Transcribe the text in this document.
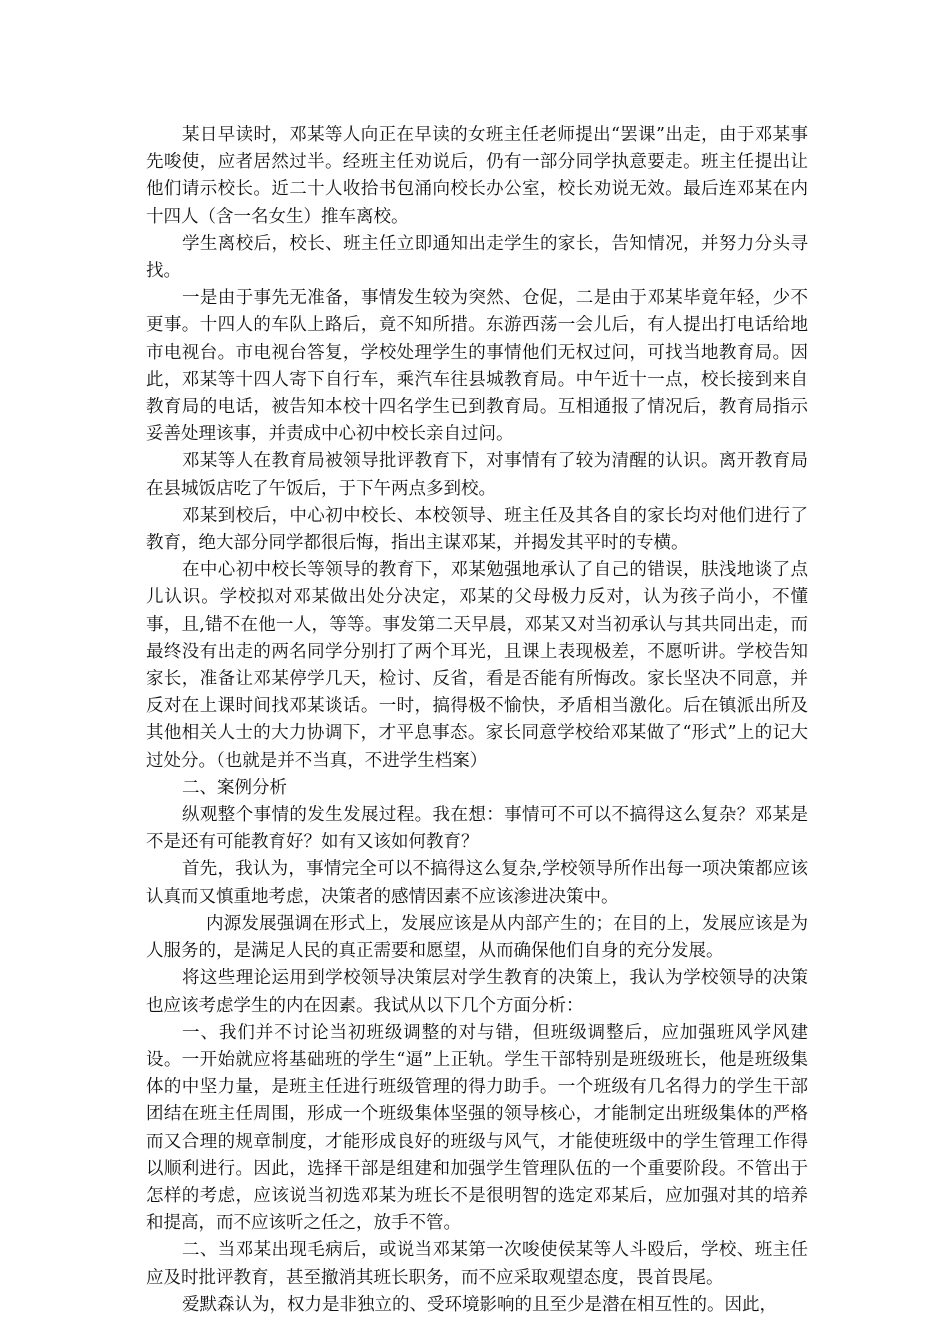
某日早读时，邓某等人向正在早读的女班主任老师提出“罢课”出走，由于邓某事先唆使，应者居然过半。经班主任劝说后，仍有一部分同学执意要走。班主任提出让他们请示校长。近二十人收拾书包涌向校长办公室，校长劝说无效。最后连邓某在内十四人（含一名女生）推车离校。

学生离校后，校长、班主任立即通知出走学生的家长，告知情况，并努力分头寻找。

一是由于事先无准备，事情发生较为突然、仓促，二是由于邓某毕竟年轻，少不更事。十四人的车队上路后，竟不知所措。东游西荡一会儿后，有人提出打电话给地市电视台。市电视台答复，学校处理学生的事情他们无权过问，可找当地教育局。因此，邓某等十四人寄下自行车，乘汽车往县城教育局。中午近十一点，校长接到来自教育局的电话，被告知本校十四名学生已到教育局。互相通报了情况后，教育局指示妥善处理该事，并责成中心初中校长亲自过问。

邓某等人在教育局被领导批评教育下，对事情有了较为清醒的认识。离开教育局在县城饭店吃了午饭后，于下午两点多到校。

邓某到校后，中心初中校长、本校领导、班主任及其各自的家长均对他们进行了教育，绝大部分同学都很后悔，指出主谋邓某，并揭发其平时的专横。

在中心初中校长等领导的教育下，邓某勉强地承认了自己的错误，肤浅地谈了点儿认识。学校拟对邓某做出处分决定，邓某的父母极力反对，认为孩子尚小，不懂事，且,错不在他一人，等等。事发第二天早晨，邓某又对当初承认与其共同出走，而最终没有出走的两名同学分别打了两个耳光，且课上表现极差，不愿听讲。学校告知家长，准备让邓某停学几天，检讨、反省，看是否能有所悔改。家长坚决不同意，并反对在上课时间找邓某谈话。一时，搞得极不愉快，矛盾相当激化。后在镇派出所及其他相关人士的大力协调下，才平息事态。家长同意学校给邓某做了“形式”上的记大过处分。（也就是并不当真，不进学生档案）

二、案例分析

纵观整个事情的发生发展过程。我在想：事情可不可以不搞得这么复杂？邓某是不是还有可能教育好？如有又该如何教育？

首先，我认为，事情完全可以不搞得这么复杂,学校领导所作出每一项决策都应该认真而又慎重地考虑，决策者的感情因素不应该渗进决策中。

内源发展强调在形式上，发展应该是从内部产生的；在目的上，发展应该是为人服务的，是满足人民的真正需要和愿望，从而确保他们自身的充分发展。

将这些理论运用到学校领导决策层对学生教育的决策上，我认为学校领导的决策也应该考虑学生的内在因素。我试从以下几个方面分析：

一、我们并不讨论当初班级调整的对与错，但班级调整后，应加强班风学风建设。一开始就应将基础班的学生“逼”上正轨。学生干部特别是班级班长，他是班级集体的中坚力量，是班主任进行班级管理的得力助手。一个班级有几名得力的学生干部团结在班主任周围，形成一个班级集体坚强的领导核心，才能制定出班级集体的严格而又合理的规章制度，才能形成良好的班级与风气，才能使班级中的学生管理工作得以顺利进行。因此，选择干部是组建和加强学生管理队伍的一个重要阶段。不管出于怎样的考虑，应该说当初选邓某为班长不是很明智的选定邓某后，应加强对其的培养和提高，而不应该听之任之，放手不管。

二、当邓某出现毛病后，或说当邓某第一次唆使侯某等人斗殴后，学校、班主任应及时批评教育，甚至撤消其班长职务，而不应采取观望态度，畏首畏尾。

爱默森认为，权力是非独立的、受环境影响的且至少是潜在相互性的。因此，
